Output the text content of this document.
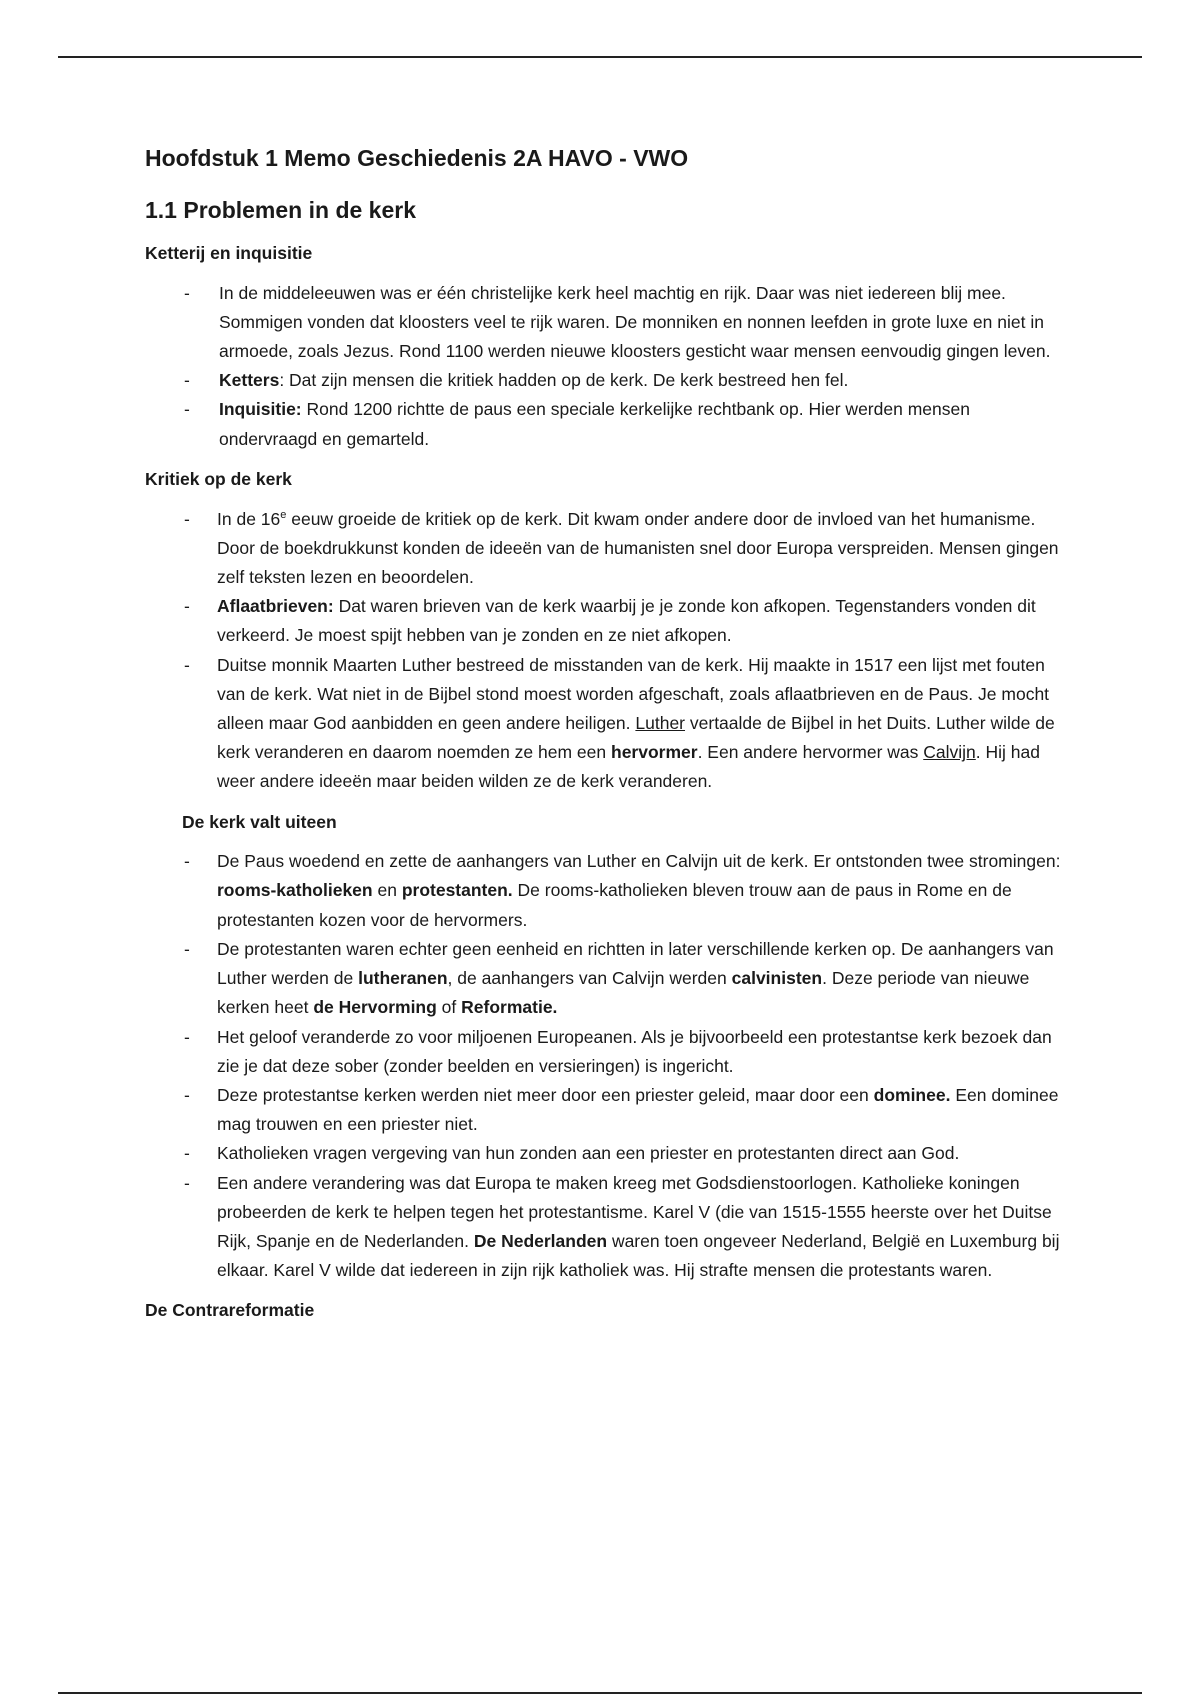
Hoofdstuk 1 Memo Geschiedenis 2A HAVO - VWO
1.1 Problemen in de kerk
Ketterij en inquisitie
- In de middeleeuwen was er één christelijke kerk heel machtig en rijk. Daar was niet iedereen blij mee. Sommigen vonden dat kloosters veel te rijk waren. De monniken en nonnen leefden in grote luxe en niet in armoede, zoals Jezus. Rond 1100 werden nieuwe kloosters gesticht waar mensen eenvoudig gingen leven.
- Ketters: Dat zijn mensen die kritiek hadden op de kerk. De kerk bestreed hen fel.
- Inquisitie: Rond 1200 richtte de paus een speciale kerkelijke rechtbank op. Hier werden mensen ondervraagd en gemarteld.
Kritiek op de kerk
- In de 16e eeuw groeide de kritiek op de kerk. Dit kwam onder andere door de invloed van het humanisme. Door de boekdrukkunst konden de ideeën van de humanisten snel door Europa verspreiden. Mensen gingen zelf teksten lezen en beoordelen.
- Aflaatbrieven: Dat waren brieven van de kerk waarbij je je zonde kon afkopen. Tegenstanders vonden dit verkeerd. Je moest spijt hebben van je zonden en ze niet afkopen.
- Duitse monnik Maarten Luther bestreed de misstanden van de kerk. Hij maakte in 1517 een lijst met fouten van de kerk. Wat niet in de Bijbel stond moest worden afgeschaft, zoals aflaatbrieven en de Paus. Je mocht alleen maar God aanbidden en geen andere heiligen. Luther vertaalde de Bijbel in het Duits. Luther wilde de kerk veranderen en daarom noemden ze hem een hervormer. Een andere hervormer was Calvijn. Hij had weer andere ideeën maar beiden wilden ze de kerk veranderen.
De kerk valt uiteen
- De Paus woedend en zette de aanhangers van Luther en Calvijn uit de kerk. Er ontstonden twee stromingen: rooms-katholieken en protestanten. De rooms-katholieken bleven trouw aan de paus in Rome en de protestanten kozen voor de hervormers.
- De protestanten waren echter geen eenheid en richtten in later verschillende kerken op. De aanhangers van Luther werden de lutheranen, de aanhangers van Calvijn werden calvinisten. Deze periode van nieuwe kerken heet de Hervorming of Reformatie.
- Het geloof veranderde zo voor miljoenen Europeanen. Als je bijvoorbeeld een protestantse kerk bezoek dan zie je dat deze sober (zonder beelden en versieringen) is ingericht.
- Deze protestantse kerken werden niet meer door een priester geleid, maar door een dominee. Een dominee mag trouwen en een priester niet.
- Katholieken vragen vergeving van hun zonden aan een priester en protestanten direct aan God.
- Een andere verandering was dat Europa te maken kreeg met Godsdienstoorlogen. Katholieke koningen probeerden de kerk te helpen tegen het protestantisme. Karel V (die van 1515-1555 heerste over het Duitse Rijk, Spanje en de Nederlanden. De Nederlanden waren toen ongeveer Nederland, België en Luxemburg bij elkaar. Karel V wilde dat iedereen in zijn rijk katholiek was. Hij strafte mensen die protestants waren.
De Contrareformatie
